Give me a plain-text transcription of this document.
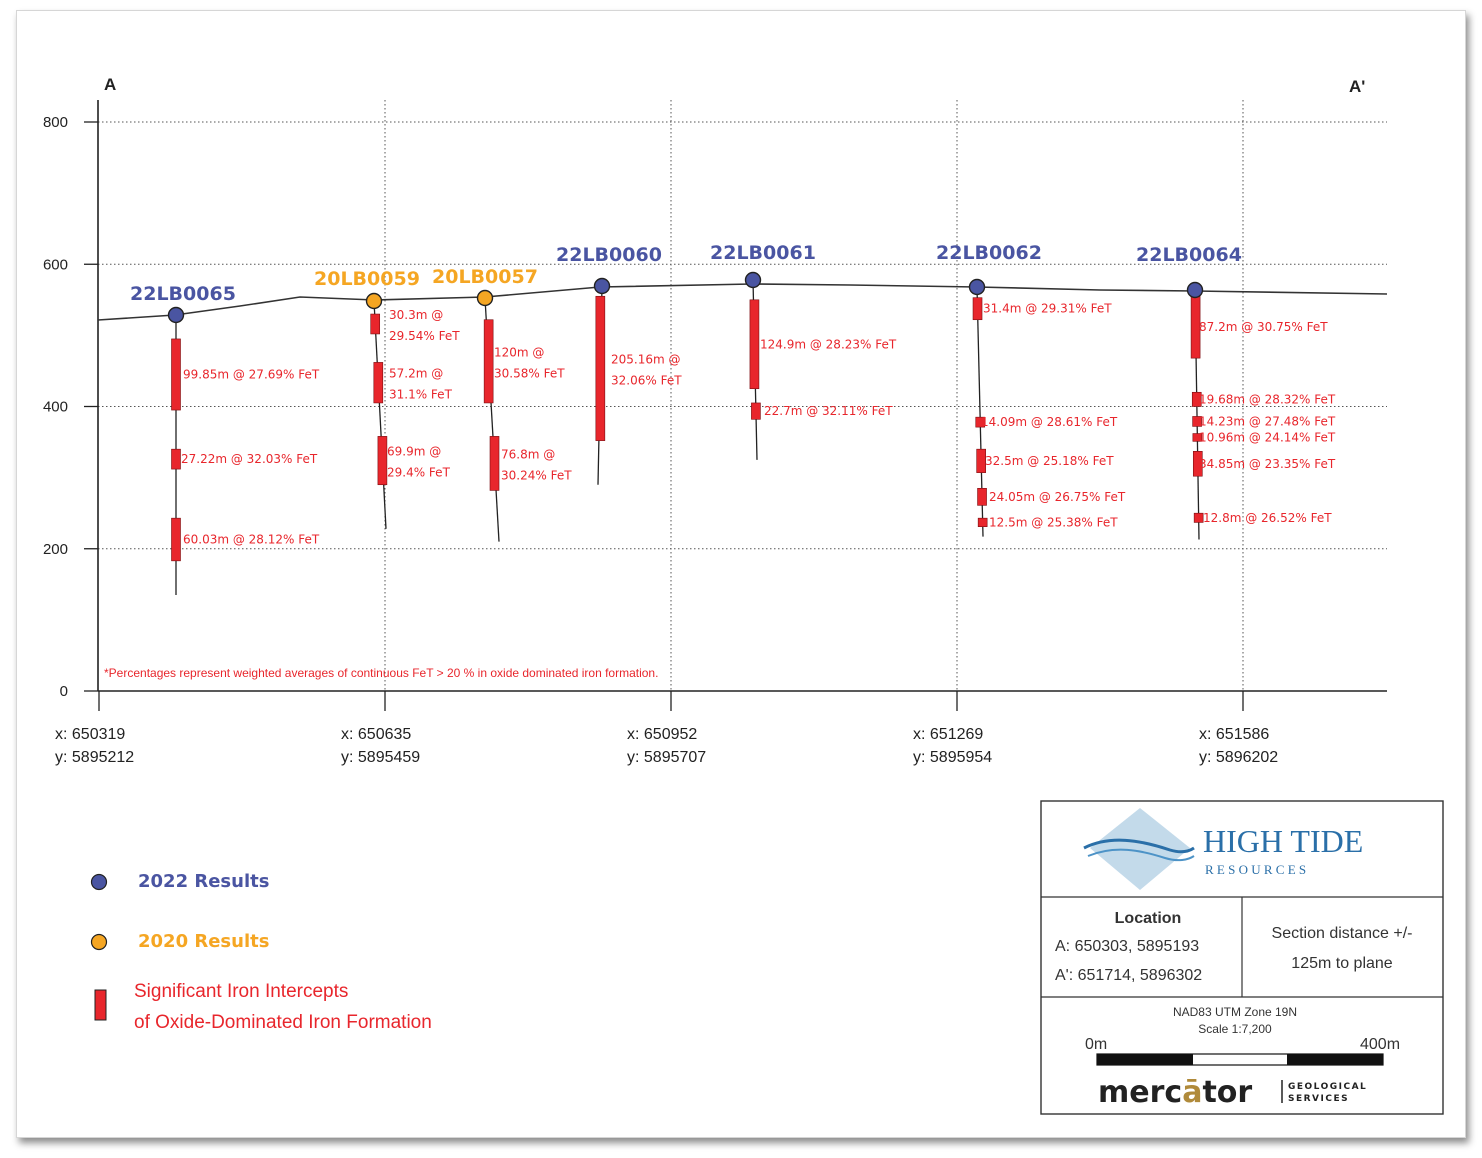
A	A'
800
600
400
200
0
99.85m @ 27.69% FeT
27.22m @ 32.03% FeT
60.03m @ 28.12% FeT
22LB0065
30.3m @
29.54% FeT
57.2m @
31.1% FeT
69.9m @
29.4% FeT
20LB0059
120m @
30.58% FeT
76.8m @
30.24% FeT
20LB0057
205.16m @
32.06% FeT
22LB0060
124.9m @ 28.23% FeT
22.7m @ 32.11% FeT
22LB0061
31.4m @ 29.31% FeT
14.09m @ 28.61% FeT
32.5m @ 25.18% FeT
24.05m @ 26.75% FeT
12.5m @ 25.38% FeT
22LB0062
87.2m @ 30.75% FeT
19.68m @ 28.32% FeT
14.23m @ 27.48% FeT
10.96m @ 24.14% FeT
34.85m @ 23.35% FeT
12.8m @ 26.52% FeT
22LB0064
*Percentages represent weighted averages of continuous FeT > 20 % in oxide dominated iron formation.
x: 650319
y: 5895212
x: 650635
y: 5895459
x: 650952
y: 5895707
x: 651269
y: 5895954
x: 651586
y: 5896202
2022 Results
2020 Results
Significant Iron Intercepts
of Oxide-Dominated Iron Formation
HIGH TIDE
R E S O U R C E S
Location
A: 650303, 5895193
A': 651714, 5896302
Section distance +/-
125m to plane
NAD83 UTM Zone 19N
Scale 1:7,200
0m	400m
mercātor	GEOLOGICAL
SERVICES
